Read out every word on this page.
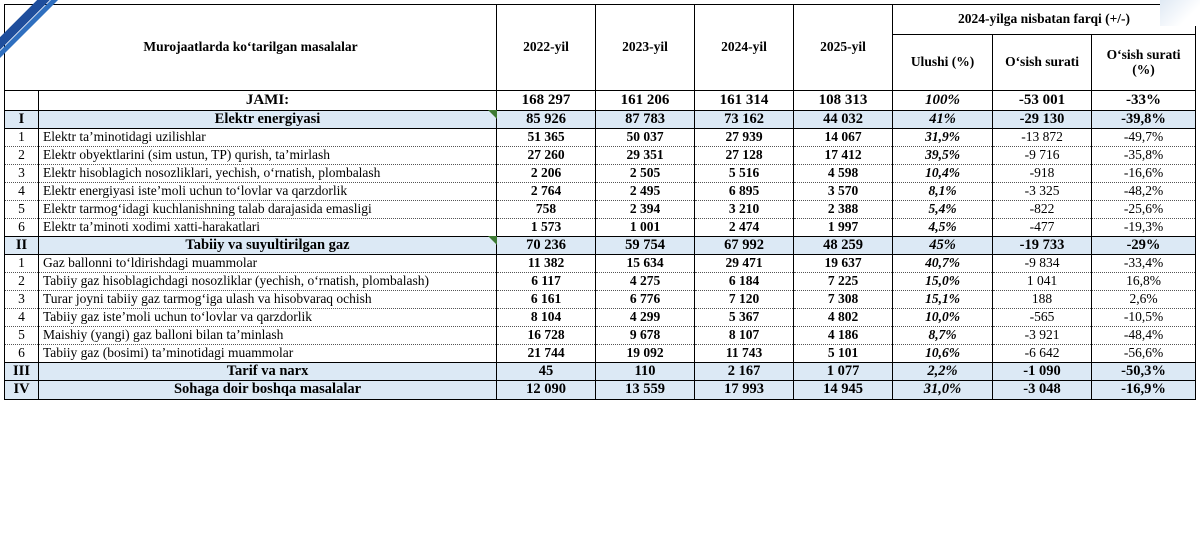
Murojaatlarda ko‘tarilgan masalalar		2022-yil	2023-yil	2024-yil	2025-yil	2024-yilga nisbatan farqi (+/-)		
						Ulushi (%)	O‘sish surati	O‘sish surati (%)
	JAMI:	168 297	161 206	161 314	108 313	100%	-53 001	-33%
I	Elektr energiyasi	85 926	87 783	73 162	44 032	41%	-29 130	-39,8%
1	Elektr ta’minotidagi uzilishlar	51 365	50 037	27 939	14 067	31,9%	-13 872	-49,7%
2	Elektr obyektlarini (sim ustun, TP) qurish, ta’mirlash	27 260	29 351	27 128	17 412	39,5%	-9 716	-35,8%
3	Elektr hisoblagich nosozliklari, yechish, o‘rnatish, plombalash	2 206	2 505	5 516	4 598	10,4%	-918	-16,6%
4	Elektr energiyasi iste’moli uchun to‘lovlar va qarzdorlik	2 764	2 495	6 895	3 570	8,1%	-3 325	-48,2%
5	Elektr tarmog‘idagi kuchlanishning talab darajasida emasligi	758	2 394	3 210	2 388	5,4%	-822	-25,6%
6	Elektr ta’minoti xodimi xatti-harakatlari	1 573	1 001	2 474	1 997	4,5%	-477	-19,3%
II	Tabiiy va suyultirilgan gaz	70 236	59 754	67 992	48 259	45%	-19 733	-29%
1	Gaz ballonni to‘ldirishdagi muammolar	11 382	15 634	29 471	19 637	40,7%	-9 834	-33,4%
2	Tabiiy gaz hisoblagichdagi nosozliklar (yechish, o‘rnatish, plombalash)	6 117	4 275	6 184	7 225	15,0%	1 041	16,8%
3	Turar joyni tabiiy gaz tarmog‘iga ulash va hisobvaraq ochish	6 161	6 776	7 120	7 308	15,1%	188	2,6%
4	Tabiiy gaz iste’moli uchun to‘lovlar va qarzdorlik	8 104	4 299	5 367	4 802	10,0%	-565	-10,5%
5	Maishiy (yangi) gaz balloni bilan ta’minlash	16 728	9 678	8 107	4 186	8,7%	-3 921	-48,4%
6	Tabiiy gaz (bosimi) ta’minotidagi muammolar	21 744	19 092	11 743	5 101	10,6%	-6 642	-56,6%
III	Tarif va narx	45	110	2 167	1 077	2,2%	-1 090	-50,3%
IV	Sohaga doir boshqa masalalar	12 090	13 559	17 993	14 945	31,0%	-3 048	-16,9%
